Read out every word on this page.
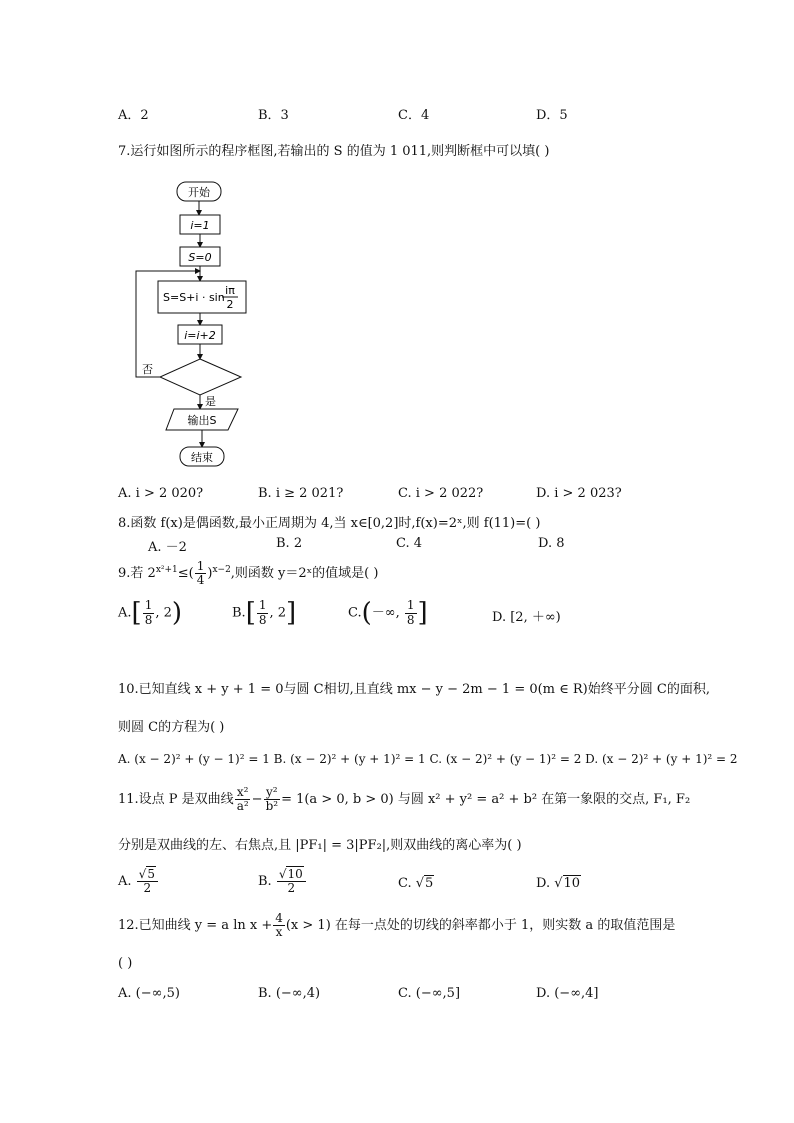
A．2	B．3	C．4	D．5
7.运行如图所示的程序框图,若输出的 S 的值为 1 011,则判断框中可以填( )
开始
i=1
S=0
S=S+i · sin
iπ
2
i=i+2
否
是
输出S
结束
A. i > 2 020?	B. i ≥ 2 021?	C. i > 2 022?	D. i > 2 023?
8.函数 f(x)是偶函数,最小正周期为 4,当 x∈[0,2]时,f(x)=2ˣ,则 f(11)=( )
A. －2	B. 2	C. 4	D. 8
9.若 $2^{x^2+1}\le( \frac{1}{4} )^{x-2}$,则函数 y＝2ˣ的值域是( )
$A.[ \frac{1}{8}$ , 2)	$B.[ \frac{1}{8}$ , 2]	C.(－∞, $\frac{1}{8}$ ]	D. [2, ＋∞)
10.已知直线 x + y + 1 = 0与圆 C相切,且直线 mx − y − 2m − 1 = 0(m ∈ R)始终平分圆 C的面积,
则圆 C的方程为( )
A. (x − 2)² + (y − 1)² = 1 B. (x − 2)² + (y + 1)² = 1 C. (x − 2)² + (y − 1)² = 2 D. (x − 2)² + (y + 1)² = 2
11.设点 P 是双曲线 $\frac{\text{x²}}{\text{a²}} - \frac{\text{y²}}{\text{b²}} = 1(a > 0$, b > 0) 与圆 x² + y² = a² + b² 在第一象限的交点, F₁, F₂
分别是双曲线的左、右焦点,且 |PF₁| = 3|PF₂|,则双曲线的离心率为( )
A. $\frac{√5}{2}$	B. $\frac{√10}{2}$	C. √5	D. √10
12.已知曲线 y = a $\ln x + \frac{4}{x} (x > 1)$ 在每一点处的切线的斜率都小于 1，则实数 a 的取值范围是
( )
A. (−∞,5)	B. (−∞,4)	C. (−∞,5]	D. (−∞,4]
